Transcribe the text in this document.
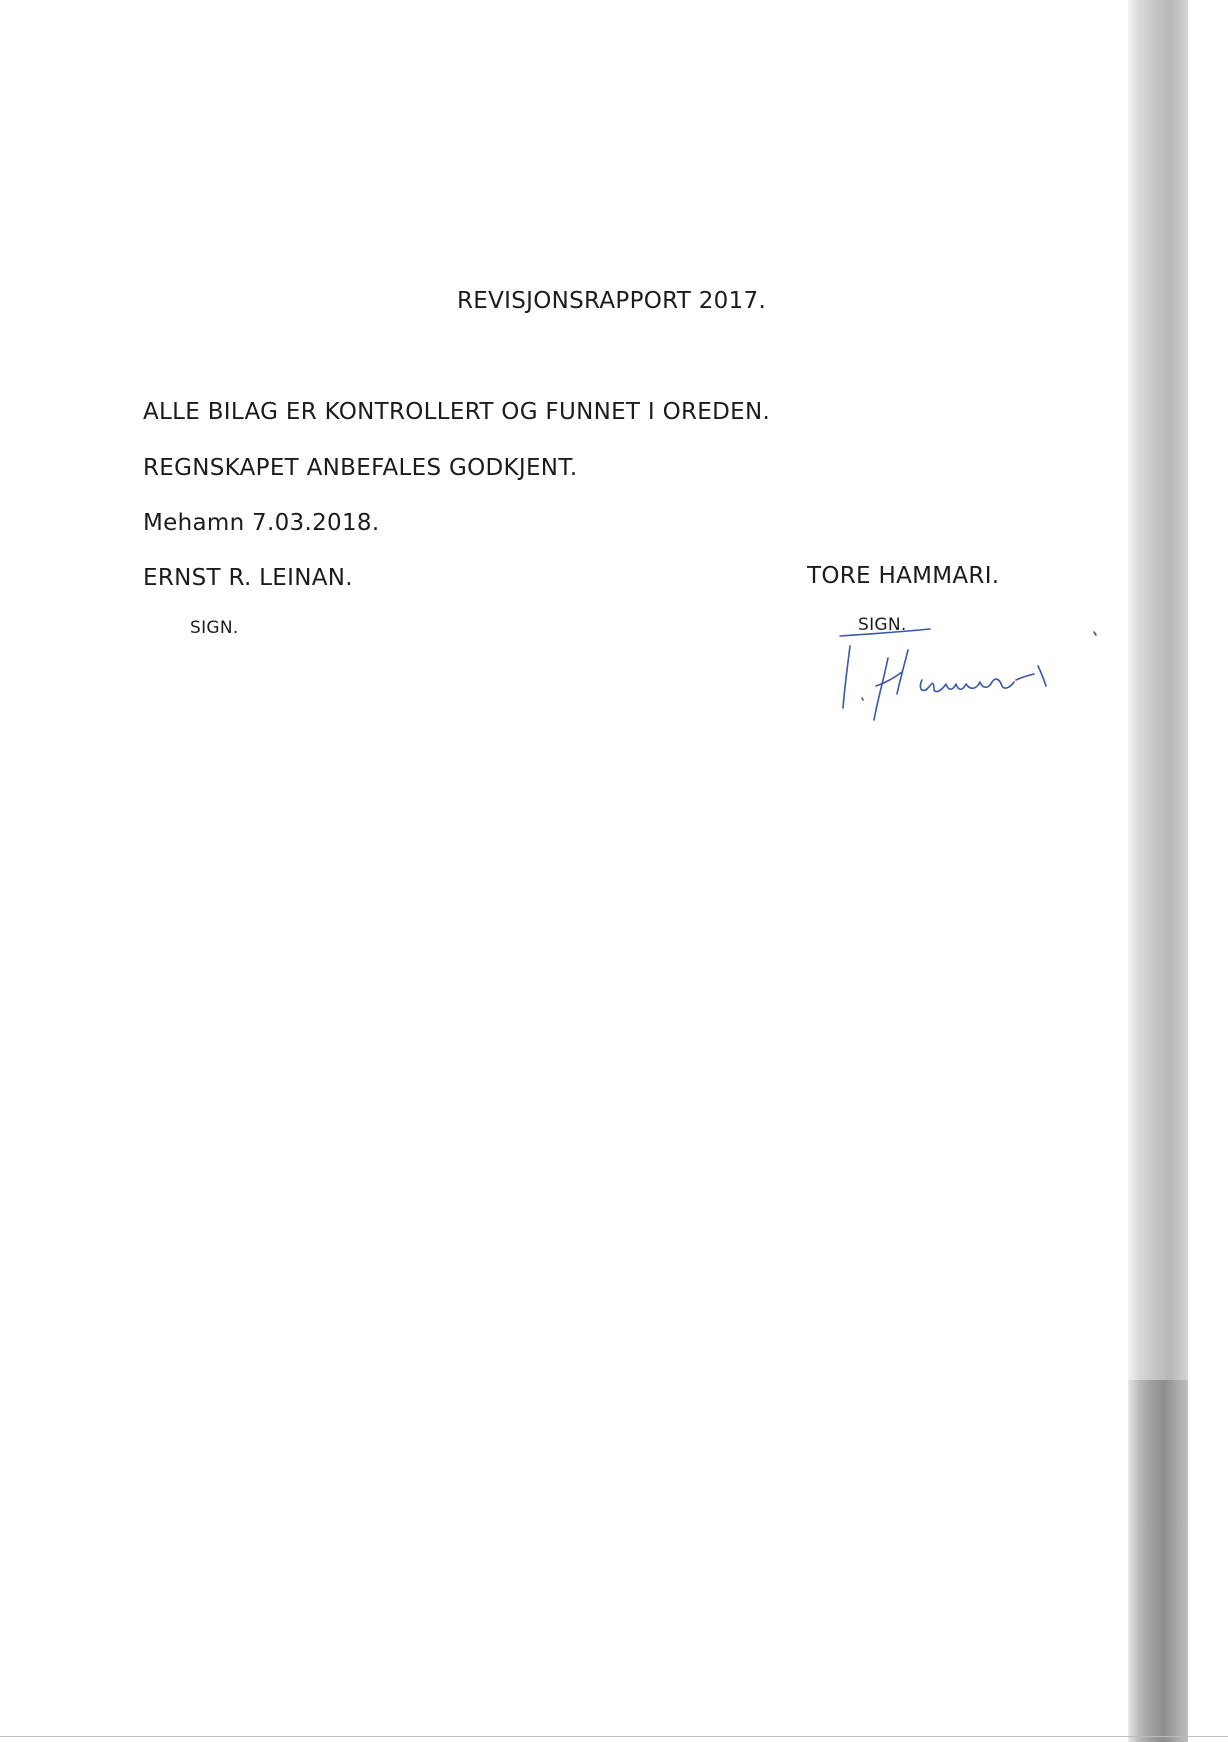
REVISJONSRAPPORT 2017.
ALLE BILAG ER KONTROLLERT OG FUNNET I OREDEN.
REGNSKAPET ANBEFALES GODKJENT.
Mehamn 7.03.2018.
ERNST R. LEINAN.	TORE HAMMARI.
SIGN.	SIGN.
